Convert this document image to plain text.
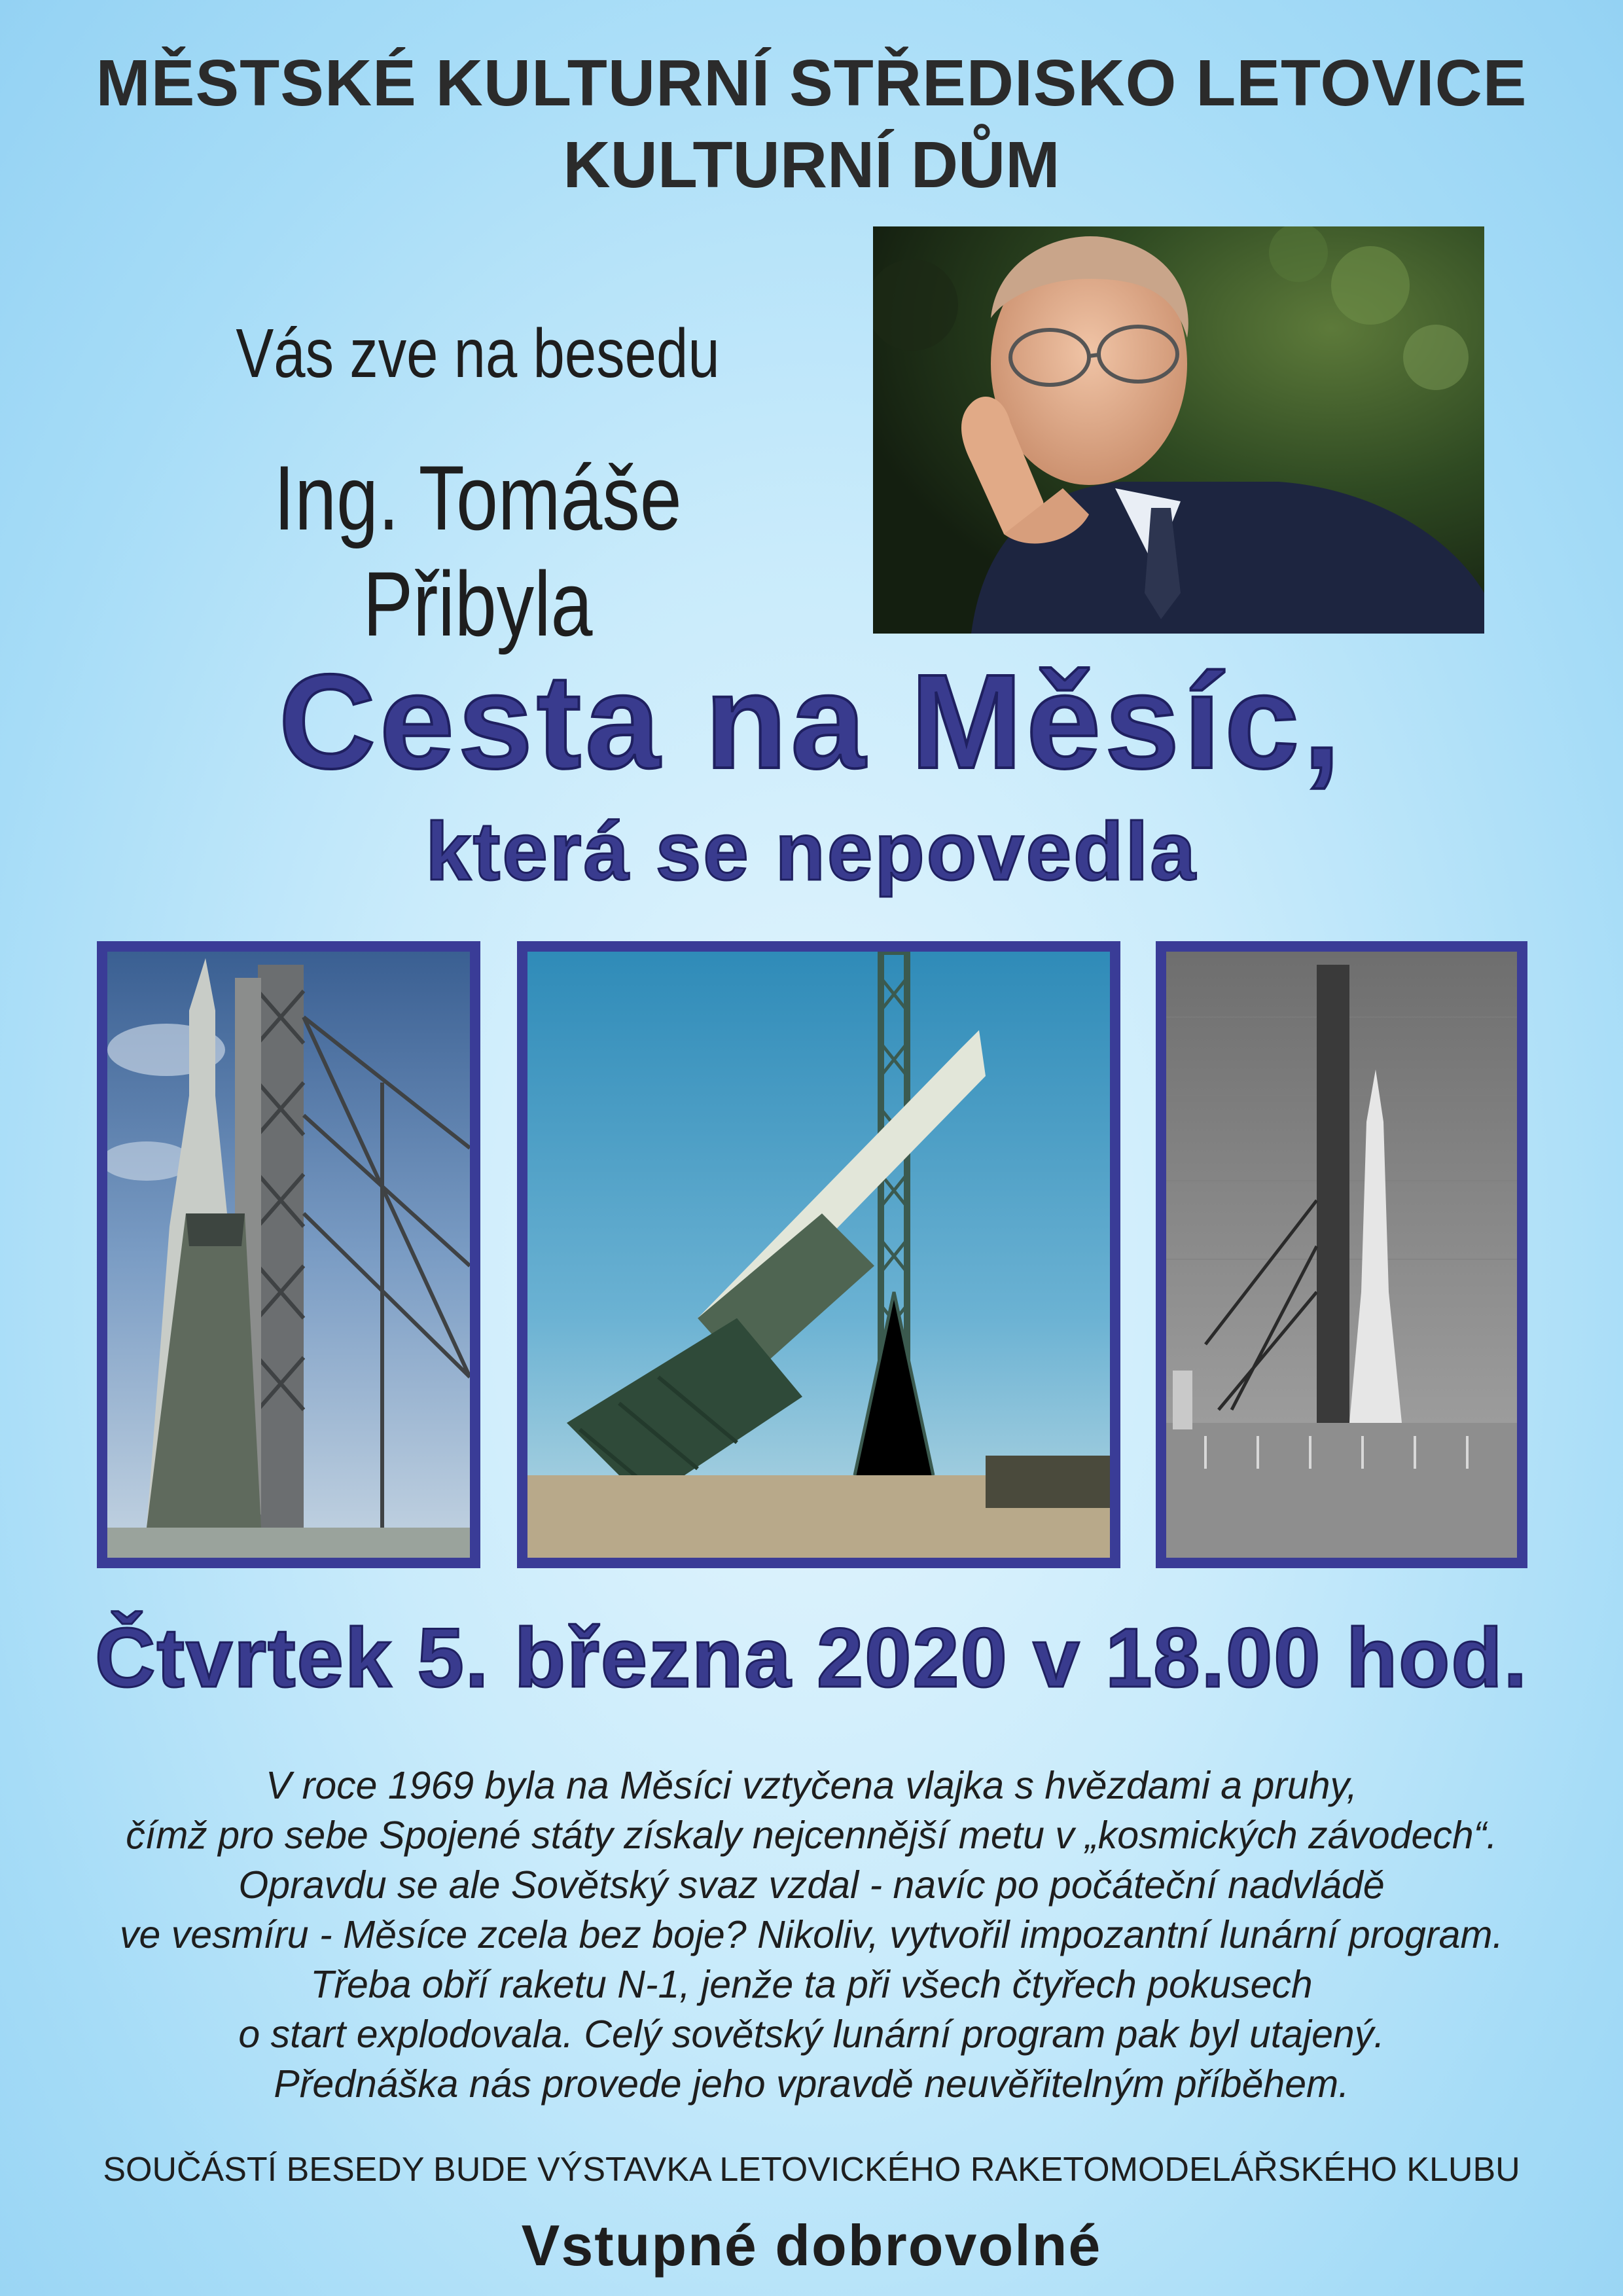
MĚSTSKÉ KULTURNÍ STŘEDISKO LETOVICE
KULTURNÍ DŮM
Vás zve na besedu
Ing. Tomáše Přibyla
Cesta na Měsíc,
která se nepovedla
Čtvrtek 5. března 2020 v 18.00 hod.
V roce 1969 byla na Měsíci vztyčena vlajka s hvězdami a pruhy,
čímž pro sebe Spojené státy získaly nejcennější metu v „kosmických závodech“.
Opravdu se ale Sovětský svaz vzdal - navíc po počáteční nadvládě
ve vesmíru - Měsíce zcela bez boje? Nikoliv, vytvořil impozantní lunární program.
Třeba obří raketu N-1, jenže ta při všech čtyřech pokusech
o start explodovala. Celý sovětský lunární program pak byl utajený.
Přednáška nás provede jeho vpravdě neuvěřitelným příběhem.
SOUČÁSTÍ BESEDY BUDE VÝSTAVKA LETOVICKÉHO RAKETOMODELÁŘSKÉHO KLUBU
Vstupné dobrovolné
